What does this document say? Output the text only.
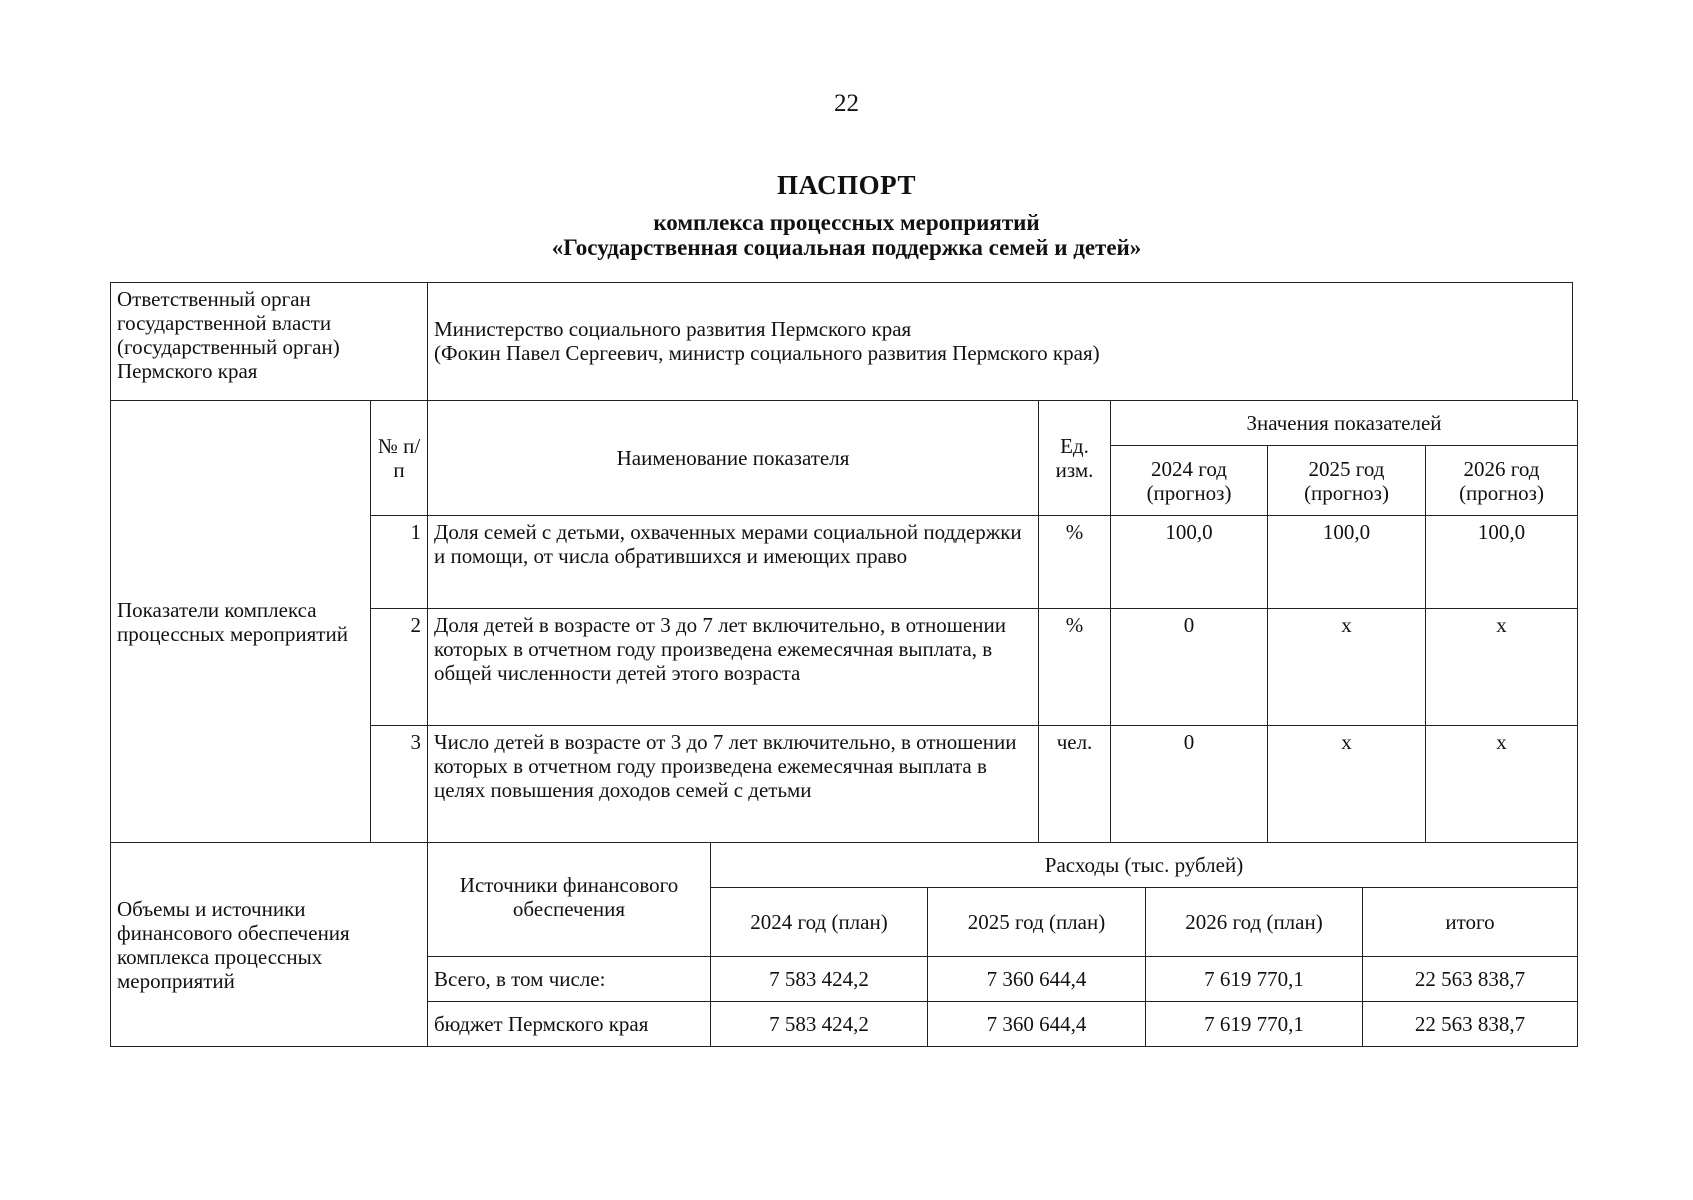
22
ПАСПОРТ
комплекса процессных мероприятий
«Государственная социальная поддержка семей и детей»
Ответственный орган государственной власти (государственный орган) Пермского края	
Министерство социального развития Пермского края
(Фокин Павел Сергеевич, министр социального развития Пермского края)
Показатели комплекса процессных мероприятий	№ п/п	Наименование показателя	Ед. изм.	Значения показателей		
				2024 год (прогноз)	2025 год (прогноз)	2026 год (прогноз)
	1	Доля семей с детьми, охваченных мерами социальной поддержки и помощи, от числа обратившихся и имеющих право	%	100,0	100,0	100,0
	2	Доля детей в возрасте от 3 до 7 лет включительно, в отношении которых в отчетном году произведена ежемесячная выплата, в общей численности детей этого возраста	%	0	х	х
	3	Число детей в возрасте от 3 до 7 лет включительно, в отношении которых в отчетном году произведена ежемесячная выплата в целях повышения доходов семей с детьми	чел.	0	х	х
Объемы и источники финансового обеспечения комплекса процессных мероприятий	Источники финансового обеспечения	Расходы (тыс. рублей)			
		2024 год (план)	2025 год (план)	2026 год (план)	итого
	Всего, в том числе:	7 583 424,2	7 360 644,4	7 619 770,1	22 563 838,7
	бюджет Пермского края	7 583 424,2	7 360 644,4	7 619 770,1	22 563 838,7
